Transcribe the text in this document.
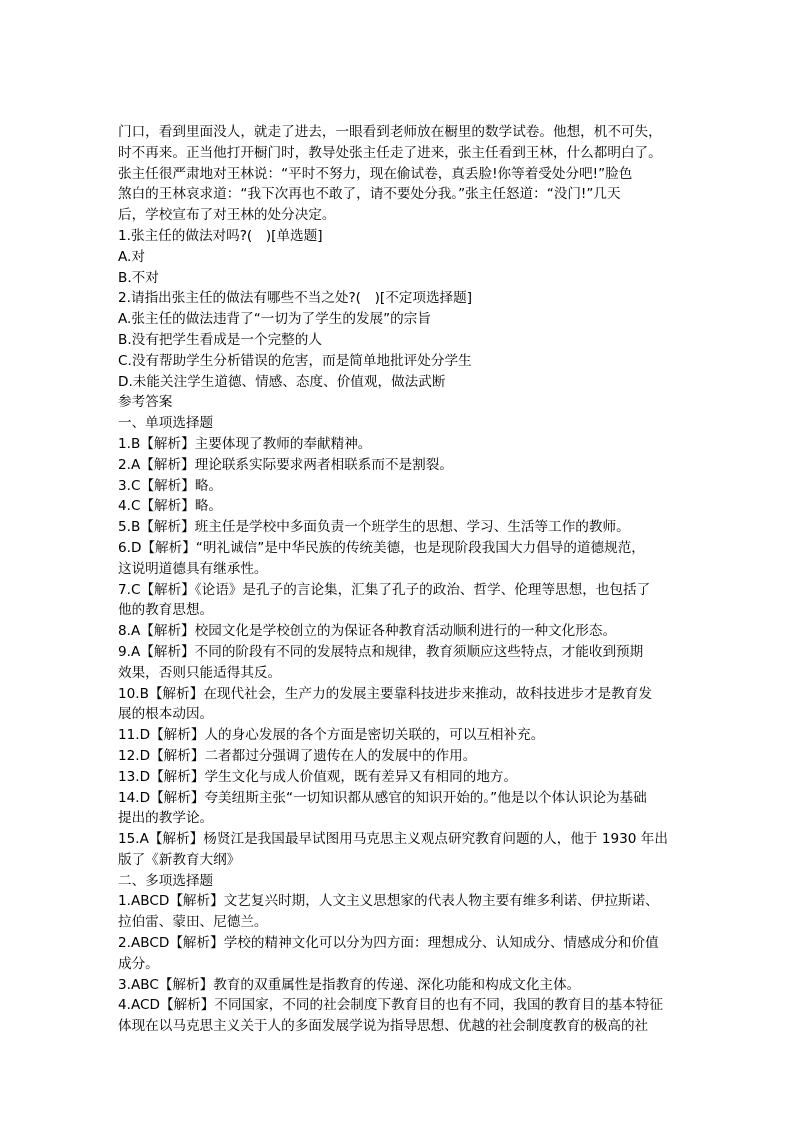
门口，看到里面没人，就走了进去，一眼看到老师放在橱里的数学试卷。他想，机不可失，
时不再来。正当他打开橱门时，教导处张主任走了进来，张主任看到王林，什么都明白了。
张主任很严肃地对王林说：“平时不努力，现在偷试卷，真丢脸!你等着受处分吧!”脸色
煞白的王林哀求道：“我下次再也不敢了，请不要处分我。”张主任怒道：“没门!”几天
后，学校宣布了对王林的处分决定。
1.张主任的做法对吗?(　)[单选题]
A.对
B.不对
2.请指出张主任的做法有哪些不当之处?(　)[不定项选择题]
A.张主任的做法违背了“一切为了学生的发展”的宗旨
B.没有把学生看成是一个完整的人
C.没有帮助学生分析错误的危害，而是简单地批评处分学生
D.未能关注学生道德、情感、态度、价值观，做法武断
参考答案
一、单项选择题
1.B【解析】主要体现了教师的奉献精神。
2.A【解析】理论联系实际要求两者相联系而不是割裂。
3.C【解析】略。
4.C【解析】略。
5.B【解析】班主任是学校中多面负责一个班学生的思想、学习、生活等工作的教师。
6.D【解析】“明礼诚信”是中华民族的传统美德，也是现阶段我国大力倡导的道德规范，
这说明道德具有继承性。
7.C【解析】《论语》是孔子的言论集，汇集了孔子的政治、哲学、伦理等思想，也包括了
他的教育思想。
8.A【解析】校园文化是学校创立的为保证各种教育活动顺利进行的一种文化形态。
9.A【解析】不同的阶段有不同的发展特点和规律，教育须顺应这些特点，才能收到预期
效果，否则只能适得其反。
10.B【解析】在现代社会，生产力的发展主要靠科技进步来推动，故科技进步才是教育发
展的根本动因。
11.D【解析】人的身心发展的各个方面是密切关联的，可以互相补充。
12.D【解析】二者都过分强调了遗传在人的发展中的作用。
13.D【解析】学生文化与成人价值观，既有差异又有相同的地方。
14.D【解析】夸美纽斯主张“一切知识都从感官的知识开始的。”他是以个体认识论为基础
提出的教学论。
15.A【解析】杨贤江是我国最早试图用马克思主义观点研究教育问题的人，他于 1930 年出
版了《新教育大纲》
二、多项选择题
1.ABCD【解析】文艺复兴时期，人文主义思想家的代表人物主要有维多利诺、伊拉斯诺、
拉伯雷、蒙田、尼德兰。
2.ABCD【解析】学校的精神文化可以分为四方面：理想成分、认知成分、情感成分和价值
成分。
3.ABC【解析】教育的双重属性是指教育的传递、深化功能和构成文化主体。
4.ACD【解析】不同国家，不同的社会制度下教育目的也有不同，我国的教育目的基本特征
体现在以马克思主义关于人的多面发展学说为指导思想、优越的社会制度教育的极高的社
